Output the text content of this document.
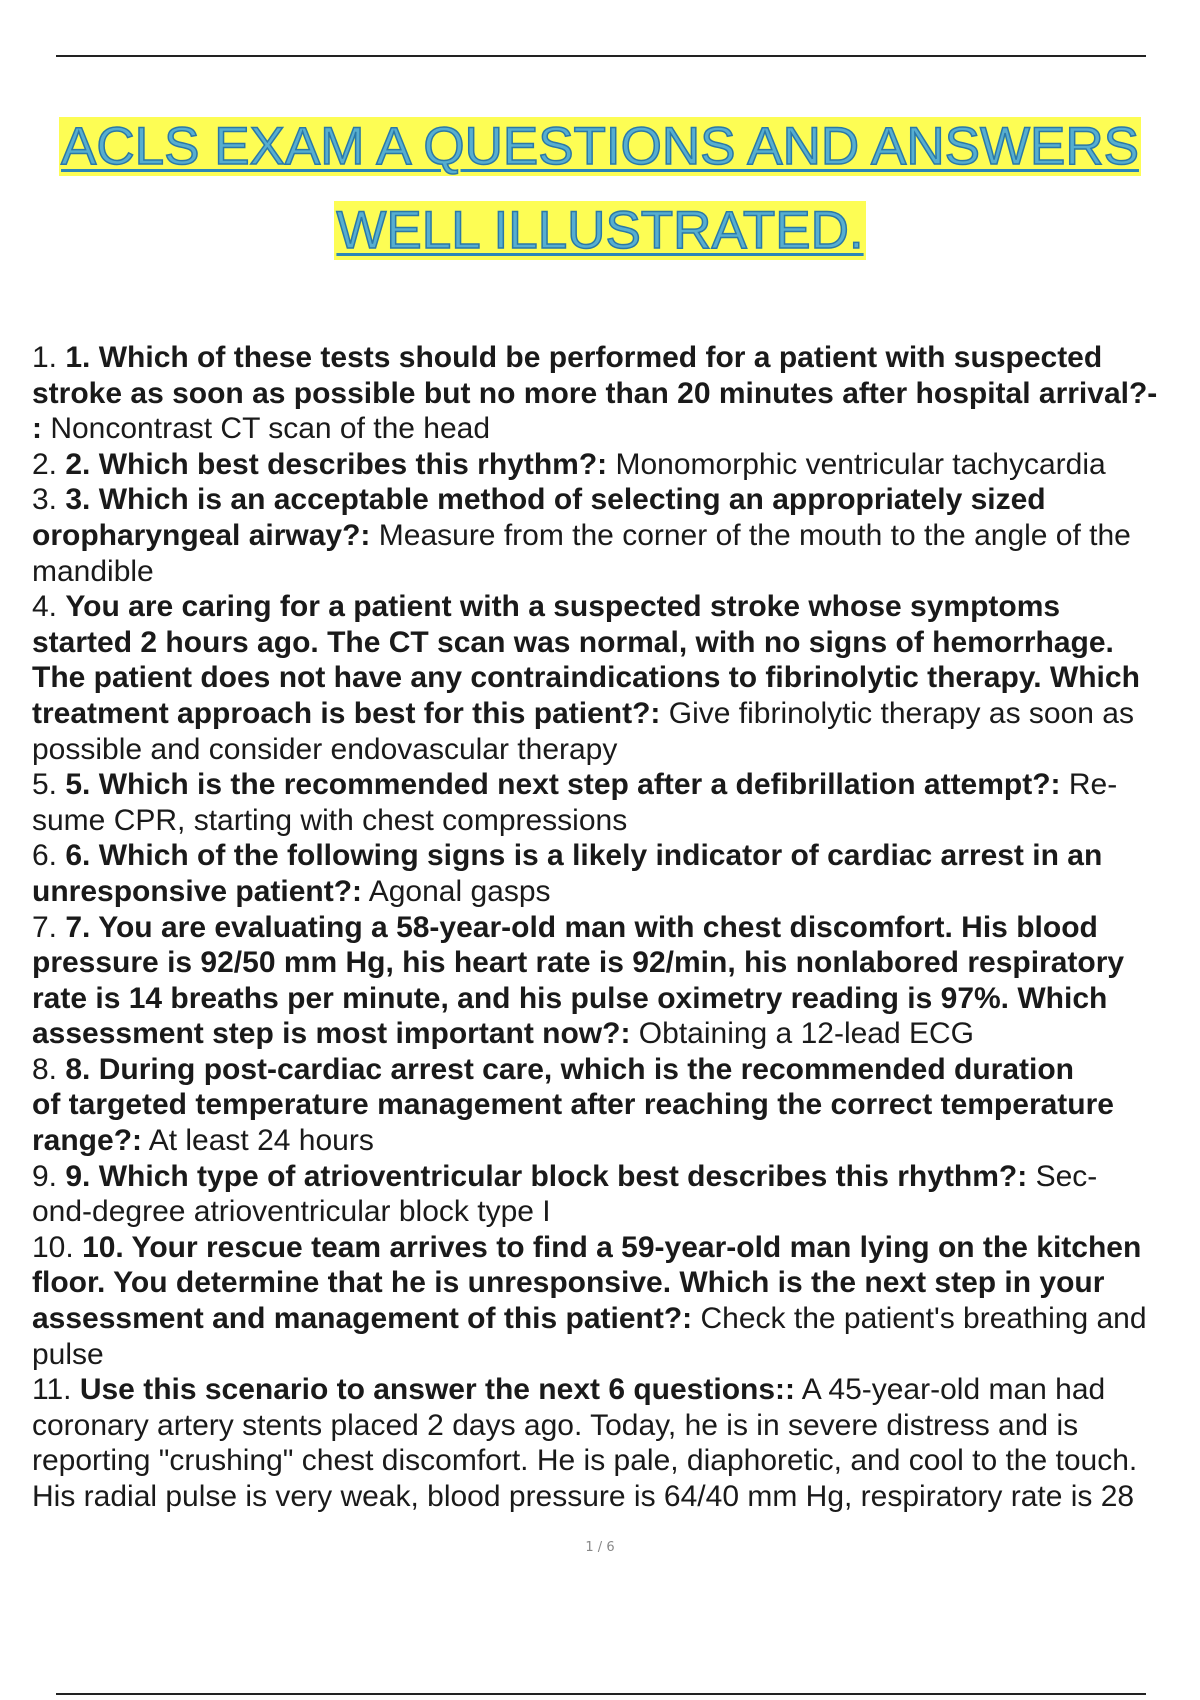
ACLS EXAM A QUESTIONS AND ANSWERS
WELL ILLUSTRATED.
1. 1. Which of these tests should be performed for a patient with suspected
stroke as soon as possible but no more than 20 minutes after hospital arrival?-
: Noncontrast CT scan of the head
2. 2. Which best describes this rhythm?: Monomorphic ventricular tachycardia
3. 3. Which is an acceptable method of selecting an appropriately sized
oropharyngeal airway?: Measure from the corner of the mouth to the angle of the
mandible
4. You are caring for a patient with a suspected stroke whose symptoms
started 2 hours ago. The CT scan was normal, with no signs of hemorrhage.
The patient does not have any contraindications to fibrinolytic therapy. Which
treatment approach is best for this patient?: Give fibrinolytic therapy as soon as
possible and consider endovascular therapy
5. 5. Which is the recommended next step after a defibrillation attempt?: Re-
sume CPR, starting with chest compressions
6. 6. Which of the following signs is a likely indicator of cardiac arrest in an
unresponsive patient?: Agonal gasps
7. 7. You are evaluating a 58-year-old man with chest discomfort. His blood
pressure is 92/50 mm Hg, his heart rate is 92/min, his nonlabored respiratory
rate is 14 breaths per minute, and his pulse oximetry reading is 97%. Which
assessment step is most important now?: Obtaining a 12-lead ECG
8. 8. During post-cardiac arrest care, which is the recommended duration
of targeted temperature management after reaching the correct temperature
range?: At least 24 hours
9. 9. Which type of atrioventricular block best describes this rhythm?: Sec-
ond-degree atrioventricular block type I
10. 10. Your rescue team arrives to find a 59-year-old man lying on the kitchen
floor. You determine that he is unresponsive. Which is the next step in your
assessment and management of this patient?: Check the patient's breathing and
pulse
11. Use this scenario to answer the next 6 questions:: A 45-year-old man had
coronary artery stents placed 2 days ago. Today, he is in severe distress and is
reporting "crushing" chest discomfort. He is pale, diaphoretic, and cool to the touch.
His radial pulse is very weak, blood pressure is 64/40 mm Hg, respiratory rate is 28
1 / 6
